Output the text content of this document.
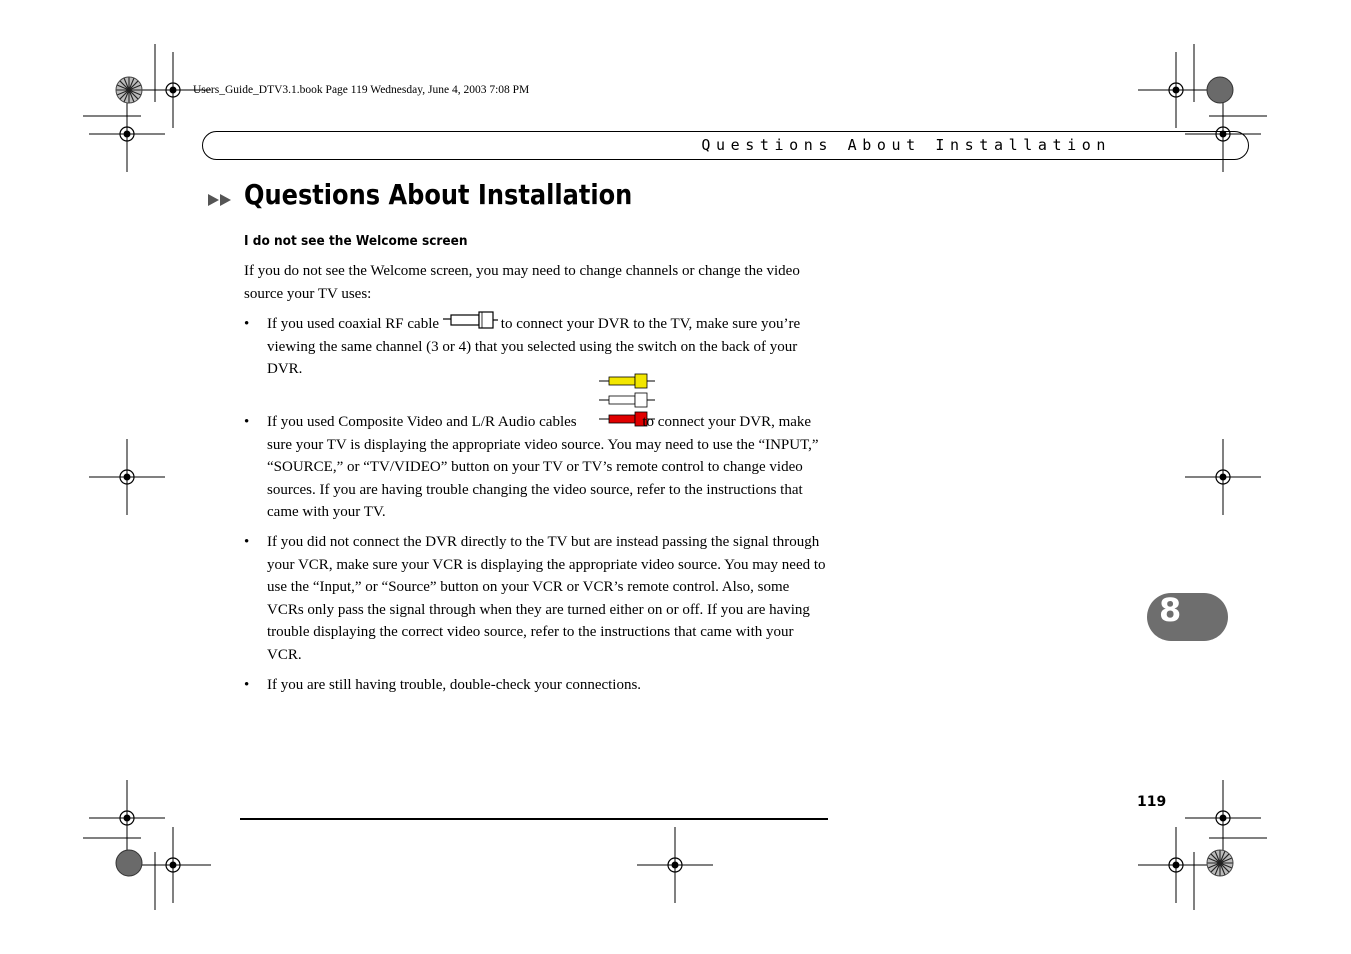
Users_Guide_DTV3.1.book Page 119 Wednesday, June 4, 2003 7:08 PM
Questions About Installation
Questions About Installation
I do not see the Welcome screen
If you do not see the Welcome screen, you may need to change channels or change the video source your TV uses:
• If you used coaxial RF cable	to connect your DVR to the TV, make sure you’re viewing the same channel (3 or 4) that you selected using the switch on the back of your DVR.
• If you used Composite Video and L/R Audio cables	to connect your DVR, make sure your TV is displaying the appropriate video source. You may need to use the “INPUT,” “SOURCE,” or “TV/VIDEO” button on your TV or TV’s remote control to change video sources. If you are having trouble changing the video source, refer to the instructions that came with your TV.
• If you did not connect the DVR directly to the TV but are instead passing the signal through your VCR, make sure your VCR is displaying the appropriate video source. You may need to use the “Input,” or “Source” button on your VCR or VCR’s remote control. Also, some VCRs only pass the signal through when they are turned either on or off. If you are having trouble displaying the correct video source, refer to the instructions that came with your VCR.
• If you are still having trouble, double-check your connections.
8
119
